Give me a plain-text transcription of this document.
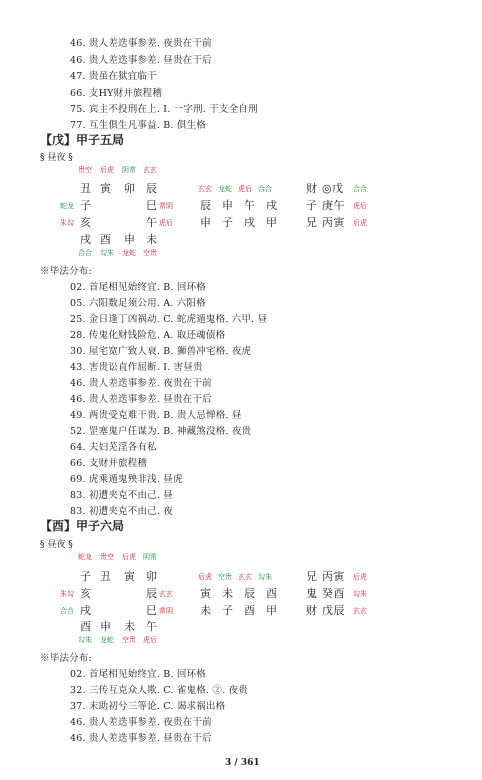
46. 贵人差迭事参差. 夜贵在干前
46. 贵人差迭事参差. 昼贵在干后
47. 贵虽在狱宜临干
66. 支HY财并旅程稽
75. 宾主不投刑在上. Ⅰ. 一字刑. 干支全自刑
77. 互生俱生凡事益. B. 俱生格
【戊】甲子五局
§ 昼夜 §
贵空 后虎 阴常 玄玄
丑 寅 卯 辰	玄玄 龙蛇 虎后 合合	财 ◎戊 合合
蛇龙 子	巳 常阴 辰 申 午 戌	子 庚午 虎后
朱勾 亥	午 虎后 申 子 戌 甲	兄 丙寅 后虎
戌 酉 申 未
合合 勾朱 龙蛇 空贵
※毕法分布:
02. 首尾相见始终宜. B. 回环格
05. 六阳数足须公用. A. 六阳格
25. 金日逢丁凶祸动. C. 蛇虎遁鬼格. 六甲. 昼
28. 传鬼化财钱险危. A. 取还魂债格
30. 屋宅宽广致人衰. B. 狮兽冲宅格. 夜虎
43. 害贵讼直作屈断. Ⅰ. 害昼贵
46. 贵人差迭事参差. 夜贵在干前
46. 贵人差迭事参差. 昼贵在干后
49. 两贵受克难干贵. B. 贵人忌惮格. 昼
52. 罡塞鬼户任谋为. B. 神藏煞没格. 夜贵
64. 夫妇芜淫各有私
66. 支财并旅程稽
69. 虎乘遁鬼殃非浅. 昼虎
83. 初遭夹克不由己. 昼
83. 初遭夹克不由己. 夜
【酉】甲子六局
§ 昼夜 §
蛇龙 贵空 后虎 阴常
子 丑 寅 卯	后虎 空贵 玄玄 勾朱	兄 丙寅 后虎
朱勾 亥	辰 玄玄 寅 未 辰 酉	鬼 癸酉 勾朱
合合 戌	巳 常阴 未 子 酉 甲	财 戊辰 玄玄
酉 申 未 午
勾朱 龙蛇 空贵 虎后
※毕法分布:
02. 首尾相见始终宜. B. 回环格
32. 三传互克众人欺. C. 雀鬼格. ②. 夜贵
37. 末助初兮三等论. C. 谒求祸出格
46. 贵人差迭事参差. 夜贵在干前
46. 贵人差迭事参差. 昼贵在干后
3 / 361
